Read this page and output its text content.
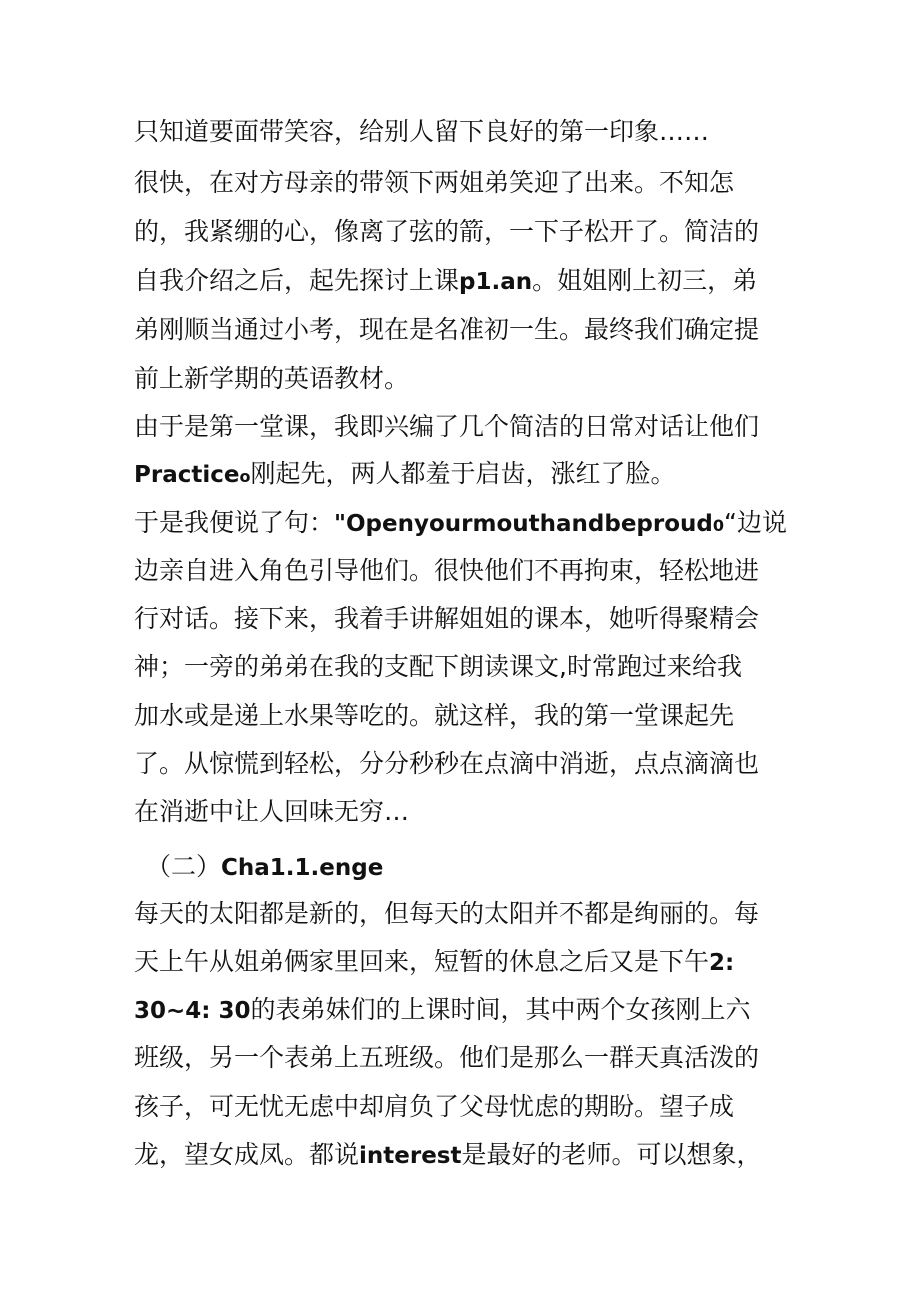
只知道要面带笑容，给别人留下良好的第一印象……
很快，在对方母亲的带领下两姐弟笑迎了出来。不知怎
的，我紧绷的心，像离了弦的箭，一下子松开了。简洁的
自我介绍之后，起先探讨上课p1.an。姐姐刚上初三，弟
弟刚顺当通过小考，现在是名准初一生。最终我们确定提
前上新学期的英语教材。
由于是第一堂课，我即兴编了几个简洁的日常对话让他们
Practiceo刚起先，两人都羞于启齿，涨红了脸。
于是我便说了句："Openyourmouthandbeproud0“边说
边亲自进入角色引导他们。很快他们不再拘束，轻松地进
行对话。接下来，我着手讲解姐姐的课本，她听得聚精会
神；一旁的弟弟在我的支配下朗读课文,时常跑过来给我
加水或是递上水果等吃的。就这样，我的第一堂课起先
了。从惊慌到轻松，分分秒秒在点滴中消逝，点点滴滴也
在消逝中让人回味无穷…
（二）Cha1.1.enge
每天的太阳都是新的，但每天的太阳并不都是绚丽的。每
天上午从姐弟俩家里回来，短暂的休息之后又是下午2:
30~4: 30的表弟妹们的上课时间，其中两个女孩刚上六
班级，另一个表弟上五班级。他们是那么一群天真活泼的
孩子，可无忧无虑中却肩负了父母忧虑的期盼。望子成
龙，望女成凤。都说interest是最好的老师。可以想象，
